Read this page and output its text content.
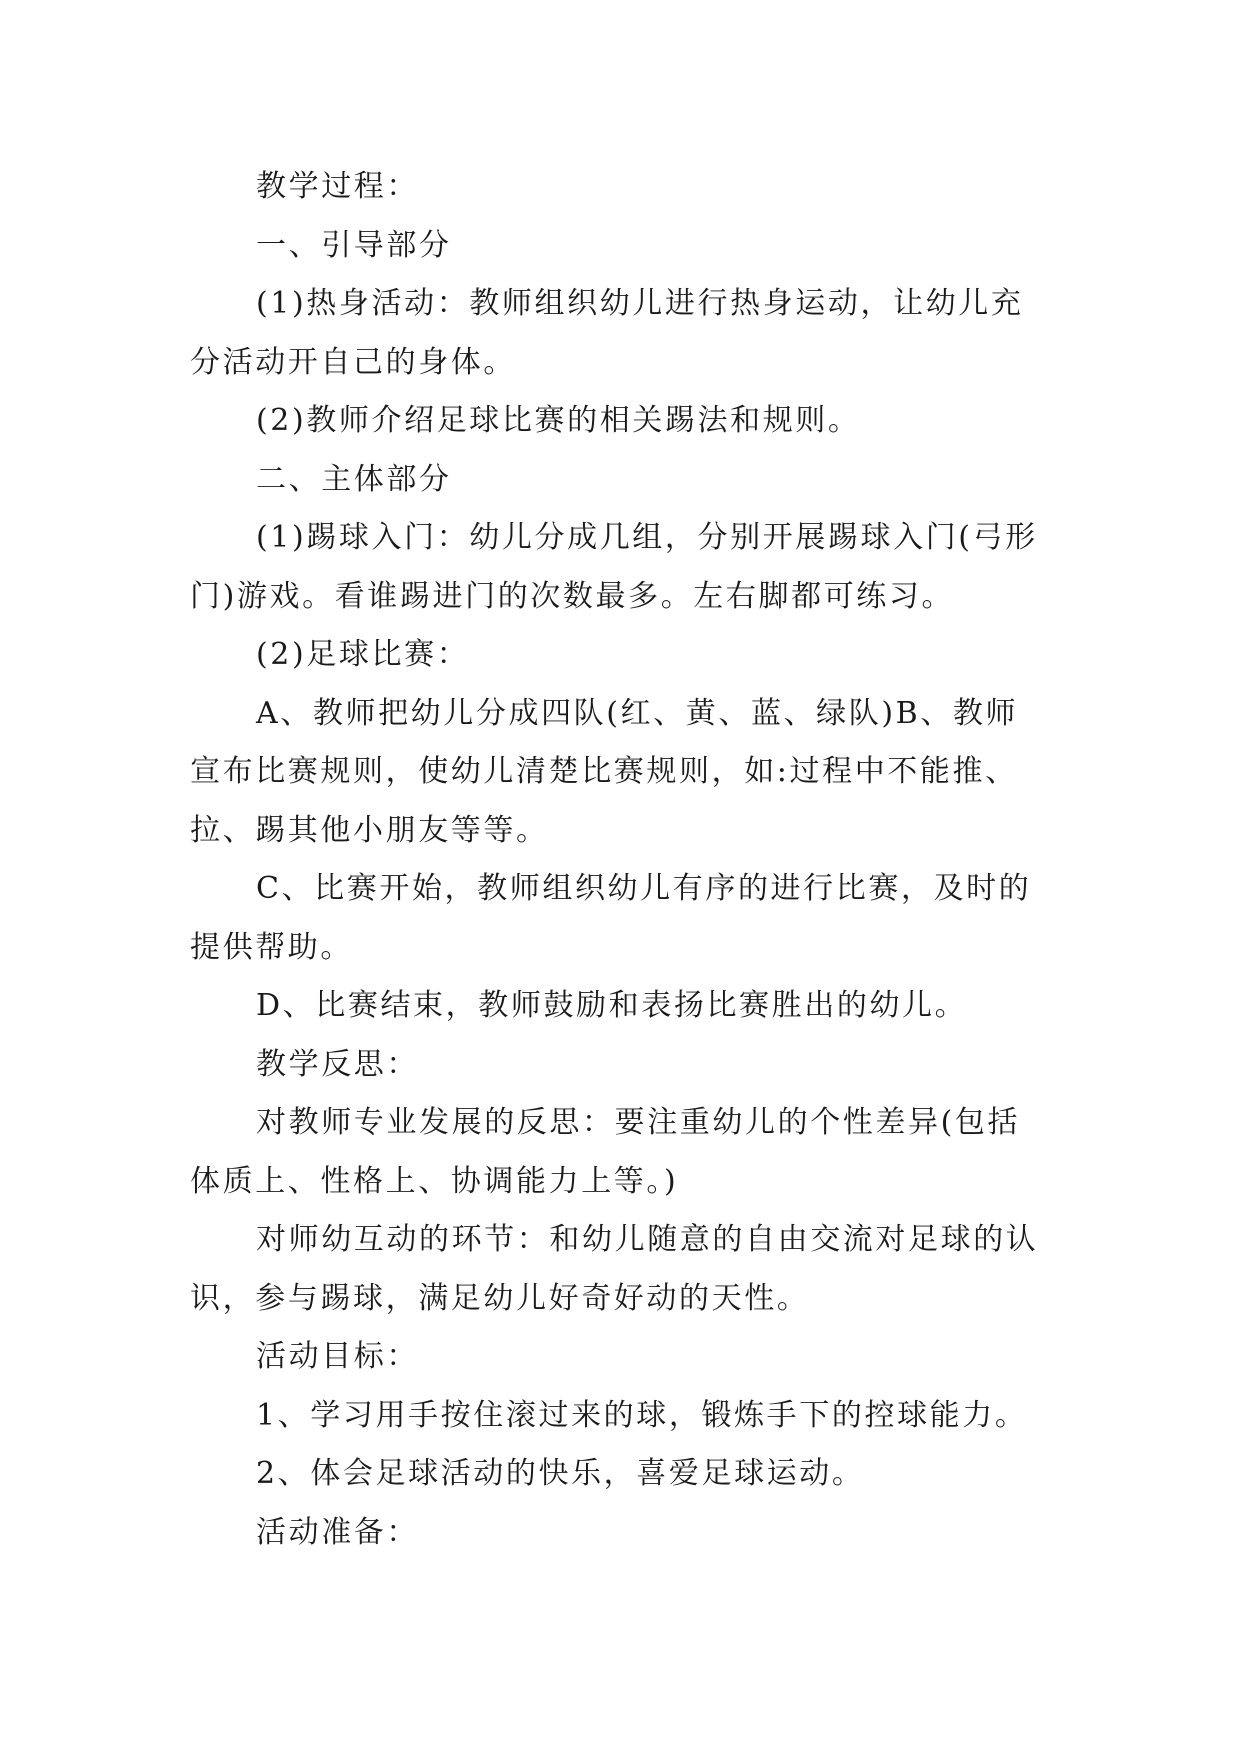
教学过程：

一、引导部分

(1)热身活动：教师组织幼儿进行热身运动，让幼儿充分活动开自己的身体。

(2)教师介绍足球比赛的相关踢法和规则。

二、主体部分

(1)踢球入门：幼儿分成几组，分别开展踢球入门(弓形门)游戏。看谁踢进门的次数最多。左右脚都可练习。

(2)足球比赛：

A、教师把幼儿分成四队(红、黄、蓝、绿队)B、教师宣布比赛规则，使幼儿清楚比赛规则，如:过程中不能推、拉、踢其他小朋友等等。

C、比赛开始，教师组织幼儿有序的进行比赛，及时的提供帮助。

D、比赛结束，教师鼓励和表扬比赛胜出的幼儿。

教学反思：

对教师专业发展的反思：要注重幼儿的个性差异(包括体质上、性格上、协调能力上等。)

对师幼互动的环节：和幼儿随意的自由交流对足球的认识，参与踢球，满足幼儿好奇好动的天性。

活动目标：

1、学习用手按住滚过来的球，锻炼手下的控球能力。

2、体会足球活动的快乐，喜爱足球运动。

活动准备：
